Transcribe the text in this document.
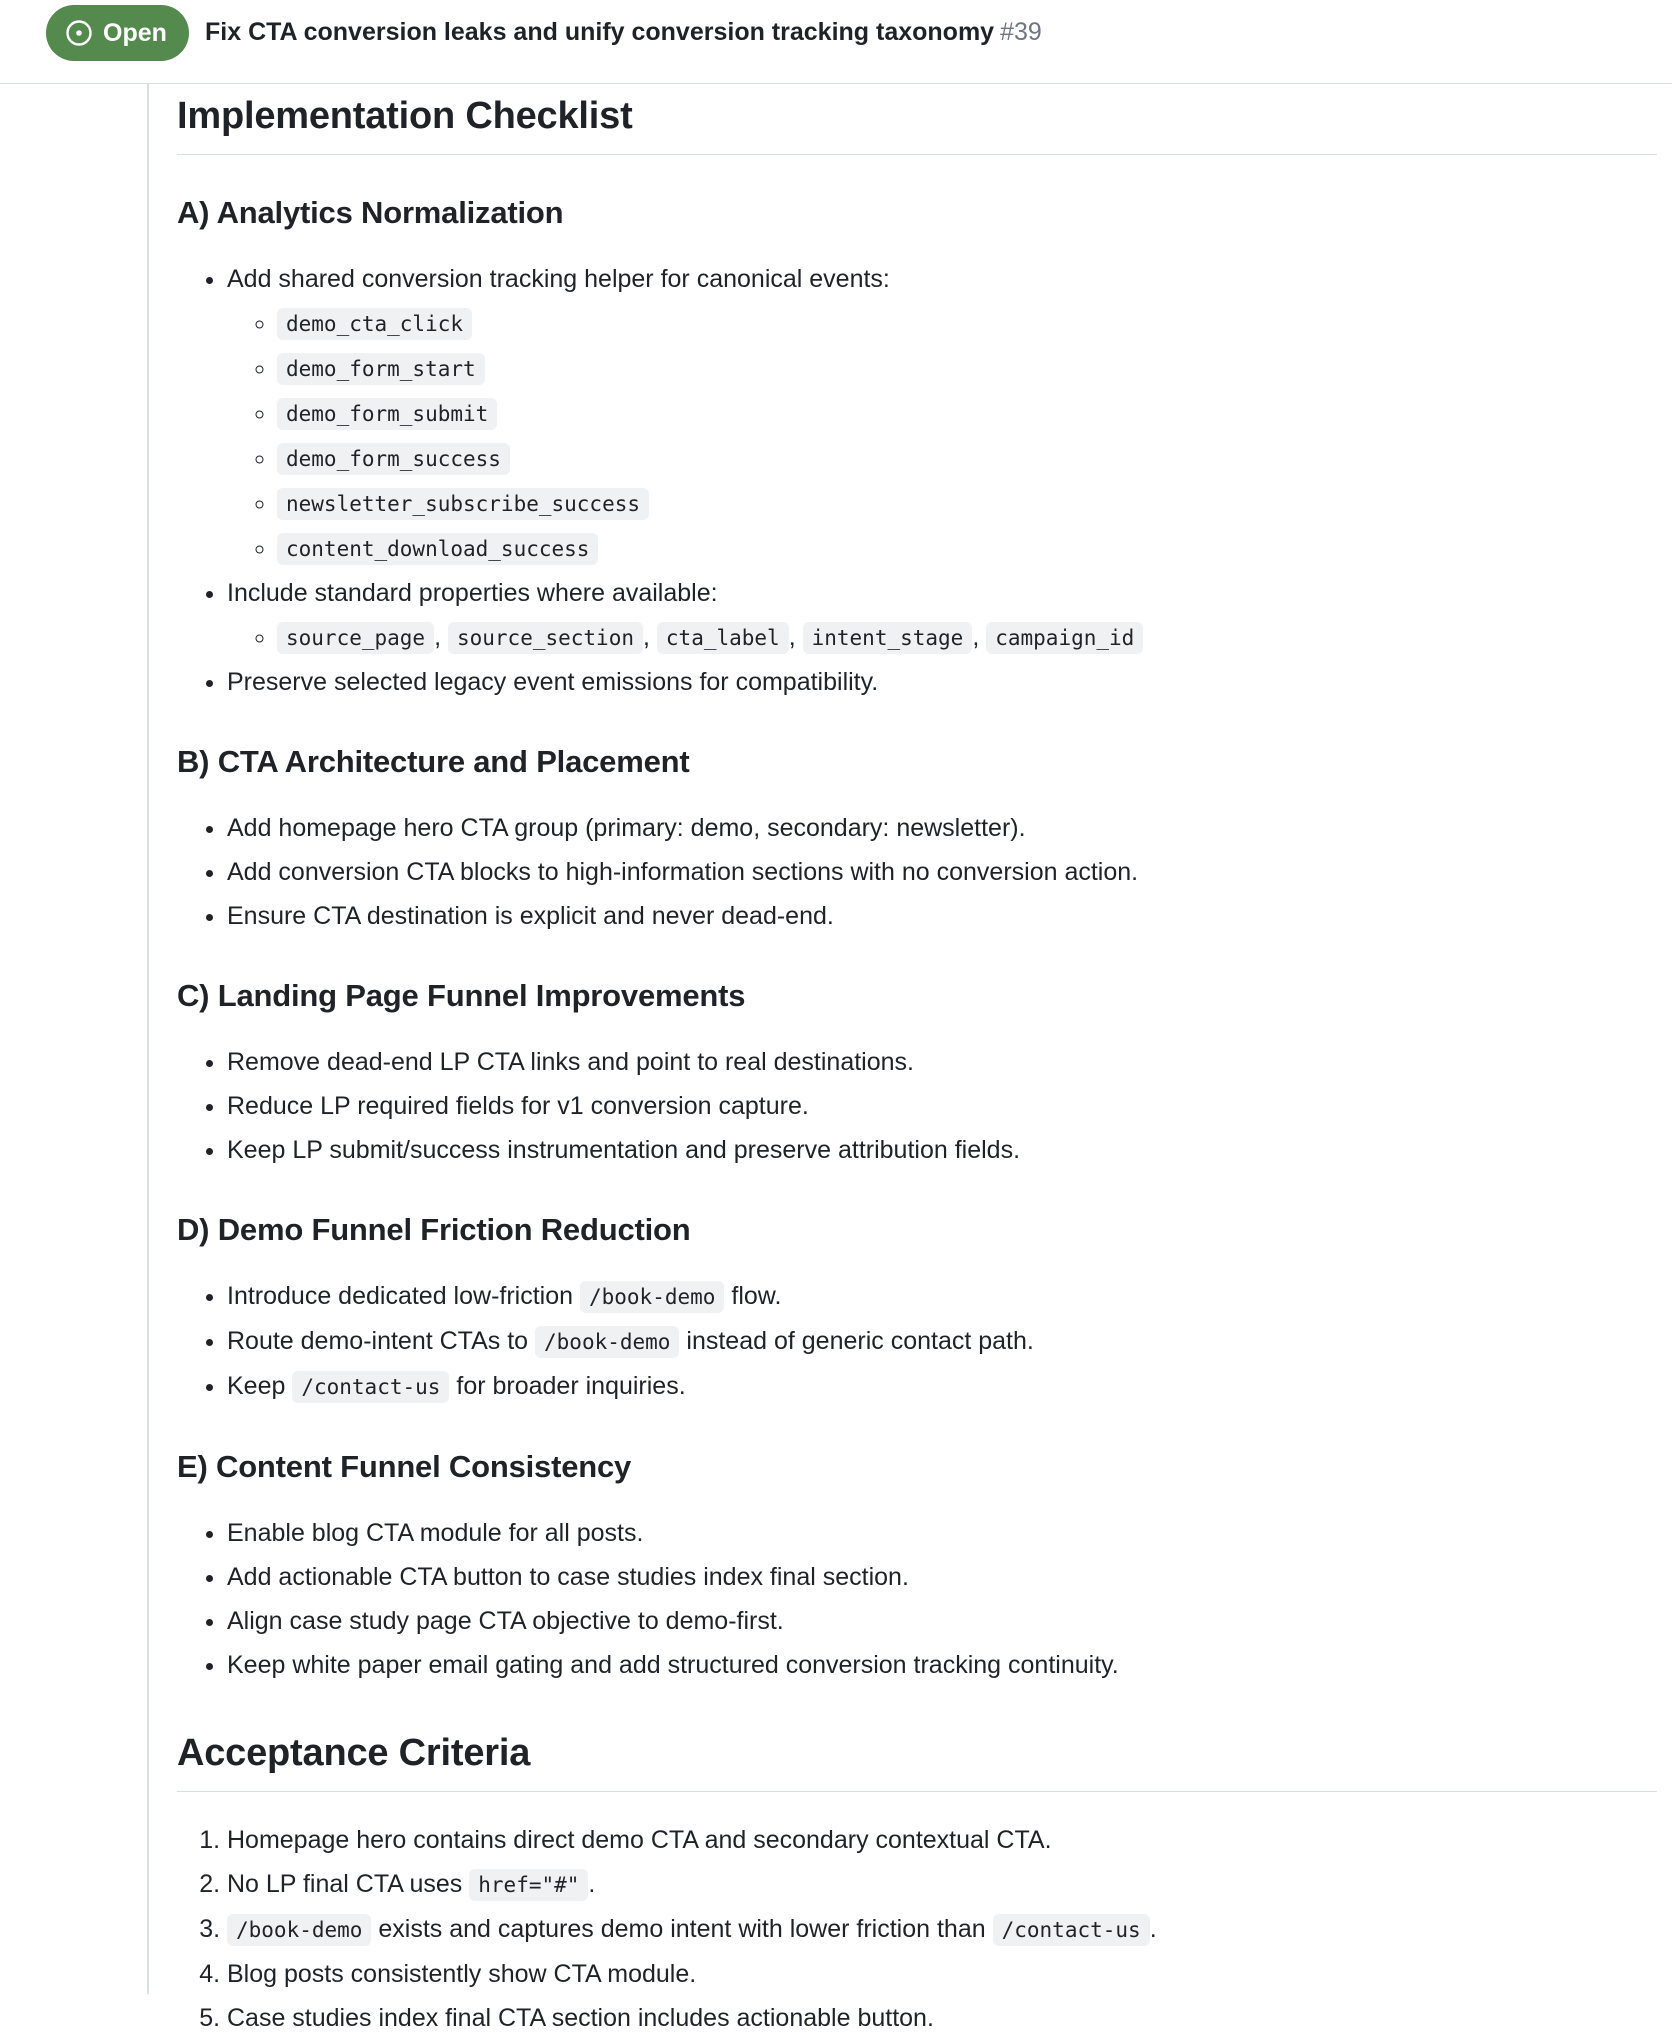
Open Fix CTA conversion leaks and unify conversion tracking taxonomy #39
Implementation Checklist
A) Analytics Normalization
• Add shared conversion tracking helper for canonical events:
◦ demo_cta_click
◦ demo_form_start
◦ demo_form_submit
◦ demo_form_success
◦ newsletter_subscribe_success
◦ content_download_success
• Include standard properties where available:
◦ source_page , source_section , cta_label , intent_stage , campaign_id
• Preserve selected legacy event emissions for compatibility.
B) CTA Architecture and Placement
• Add homepage hero CTA group (primary: demo, secondary: newsletter).
• Add conversion CTA blocks to high-information sections with no conversion action.
• Ensure CTA destination is explicit and never dead-end.
C) Landing Page Funnel Improvements
• Remove dead-end LP CTA links and point to real destinations.
• Reduce LP required fields for v1 conversion capture.
• Keep LP submit/success instrumentation and preserve attribution fields.
D) Demo Funnel Friction Reduction
• Introduce dedicated low-friction /book-demo flow.
• Route demo-intent CTAs to /book-demo instead of generic contact path.
• Keep /contact-us for broader inquiries.
E) Content Funnel Consistency
• Enable blog CTA module for all posts.
• Add actionable CTA button to case studies index final section.
• Align case study page CTA objective to demo-first.
• Keep white paper email gating and add structured conversion tracking continuity.
Acceptance Criteria
1. Homepage hero contains direct demo CTA and secondary contextual CTA.
2. No LP final CTA uses href="#" .
3. /book-demo exists and captures demo intent with lower friction than /contact-us .
4. Blog posts consistently show CTA module.
5. Case studies index final CTA section includes actionable button.
